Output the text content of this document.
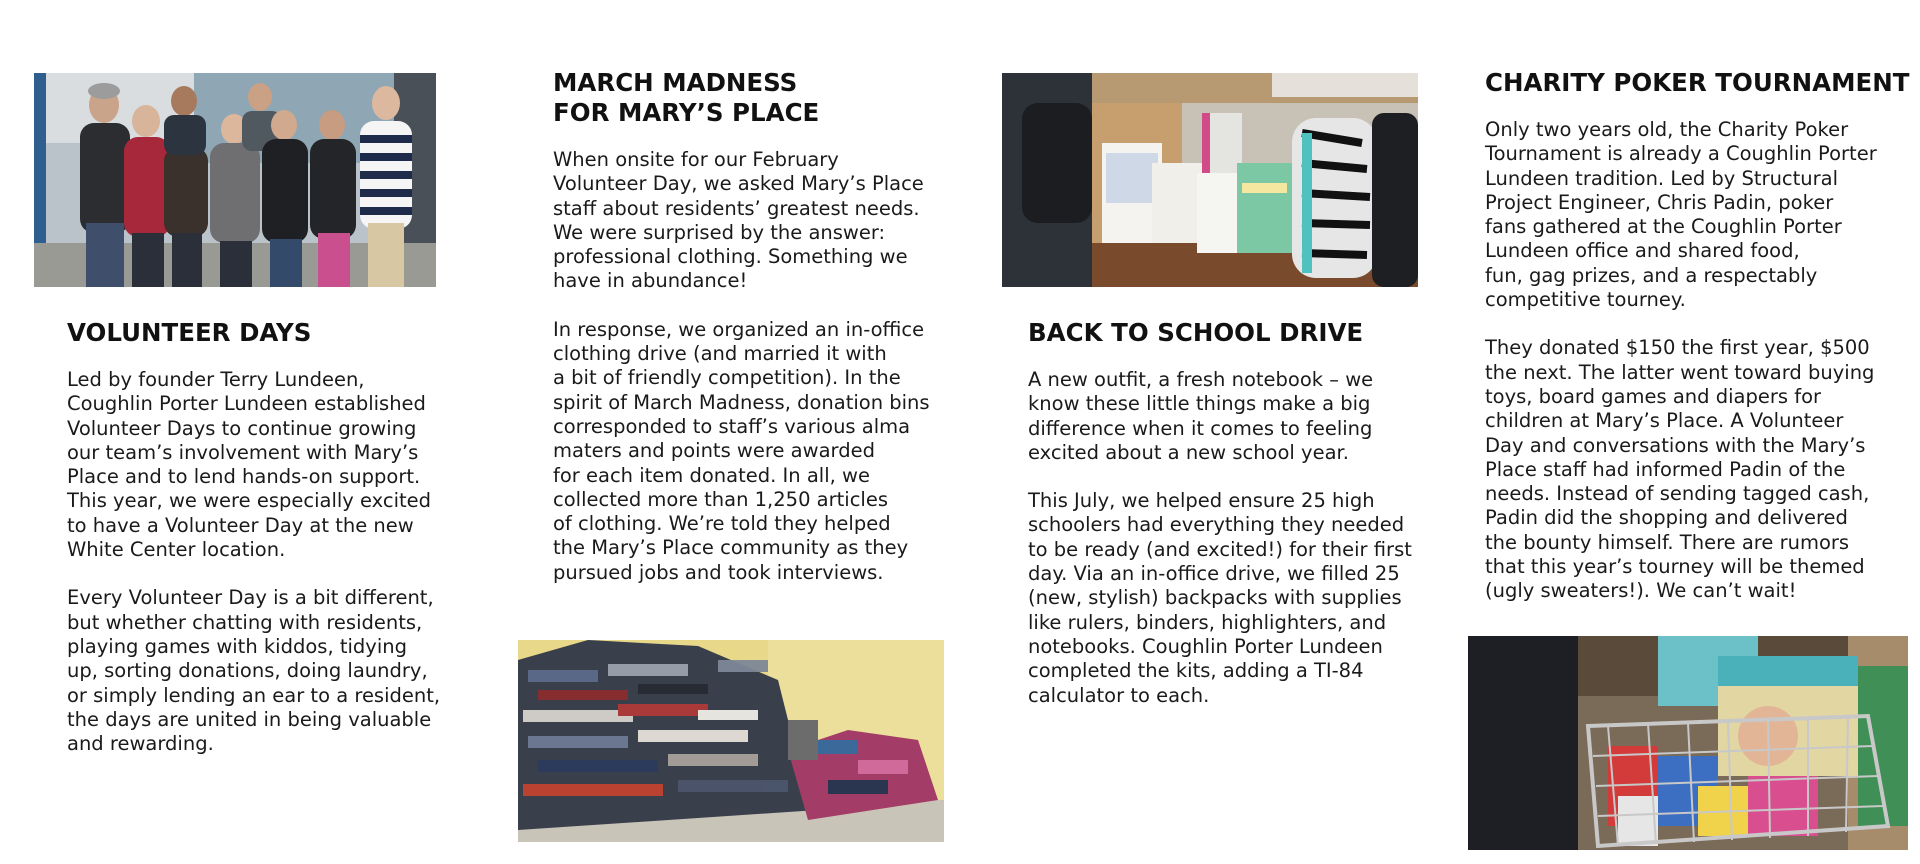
VOLUNTEER DAYS

Led by founder Terry Lundeen,
Coughlin Porter Lundeen established
Volunteer Days to continue growing
our team’s involvement with Mary’s
Place and to lend hands-on support.
This year, we were especially excited
to have a Volunteer Day at the new
White Center location.

Every Volunteer Day is a bit different,
but whether chatting with residents,
playing games with kiddos, tidying
up, sorting donations, doing laundry,
or simply lending an ear to a resident,
the days are united in being valuable
and rewarding.

MARCH MADNESS
FOR MARY’S PLACE

When onsite for our February
Volunteer Day, we asked Mary’s Place
staff about residents’ greatest needs.
We were surprised by the answer:
professional clothing. Something we
have in abundance!

In response, we organized an in-office
clothing drive (and married it with
a bit of friendly competition). In the
spirit of March Madness, donation bins
corresponded to staff’s various alma
maters and points were awarded
for each item donated. In all, we
collected more than 1,250 articles
of clothing. We’re told they helped
the Mary’s Place community as they
pursued jobs and took interviews.

BACK TO SCHOOL DRIVE

A new outfit, a fresh notebook – we
know these little things make a big
difference when it comes to feeling
excited about a new school year.

This July, we helped ensure 25 high
schoolers had everything they needed
to be ready (and excited!) for their first
day. Via an in-office drive, we filled 25
(new, stylish) backpacks with supplies
like rulers, binders, highlighters, and
notebooks. Coughlin Porter Lundeen
completed the kits, adding a TI-84
calculator to each.

CHARITY POKER TOURNAMENT

Only two years old, the Charity Poker
Tournament is already a Coughlin Porter
Lundeen tradition. Led by Structural
Project Engineer, Chris Padin, poker
fans gathered at the Coughlin Porter
Lundeen office and shared food,
fun, gag prizes, and a respectably
competitive tourney.

They donated $150 the first year, $500
the next. The latter went toward buying
toys, board games and diapers for
children at Mary’s Place. A Volunteer
Day and conversations with the Mary’s
Place staff had informed Padin of the
needs. Instead of sending tagged cash,
Padin did the shopping and delivered
the bounty himself. There are rumors
that this year’s tourney will be themed
(ugly sweaters!). We can’t wait!
